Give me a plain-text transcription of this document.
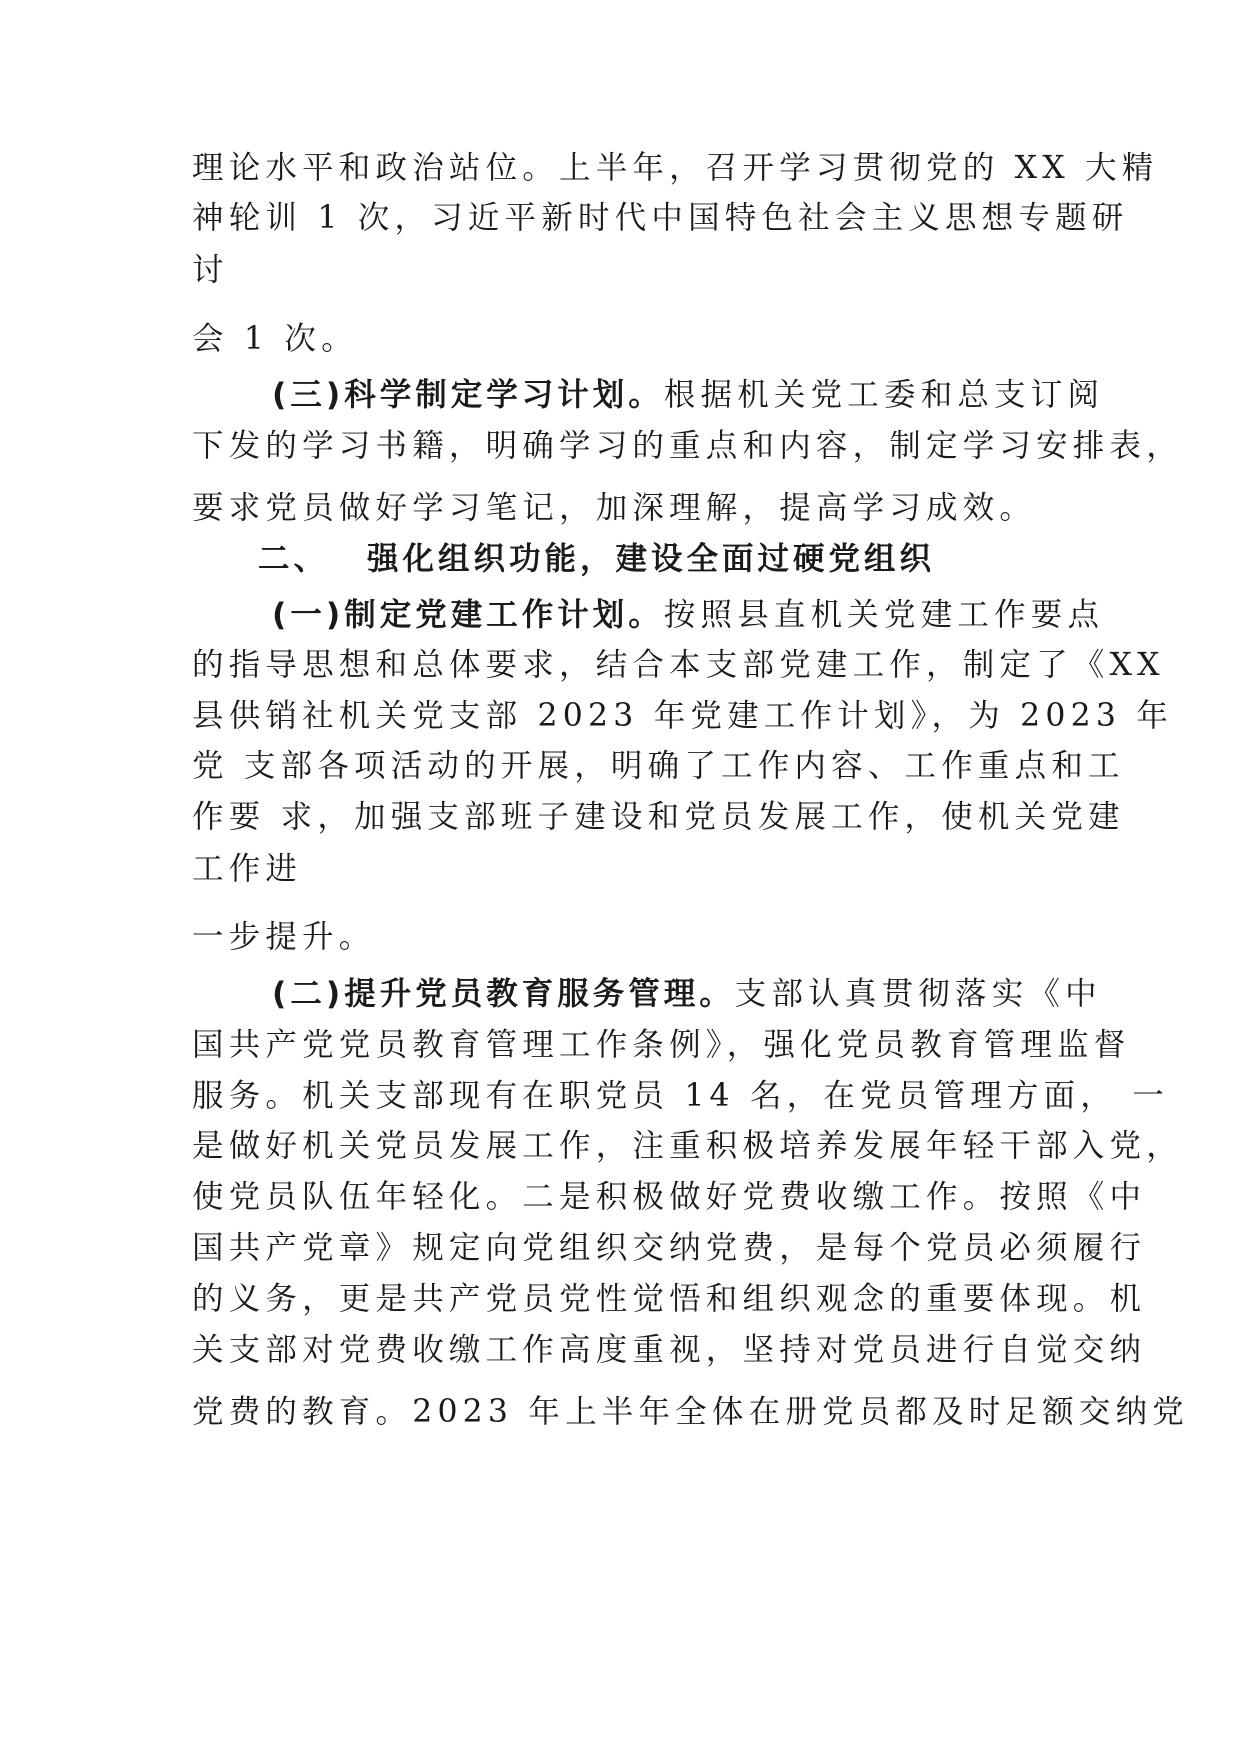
理论水平和政治站位。上半年，召开学习贯彻党的 XX 大精

神轮训 1 次，习近平新时代中国特色社会主义思想专题研

讨

会 1 次。

(三)科学制定学习计划。根据机关党工委和总支订阅

下发的学习书籍，明确学习的重点和内容，制定学习安排表，

要求党员做好学习笔记，加深理解，提高学习成效。

二、 强化组织功能，建设全面过硬党组织

(一)制定党建工作计划。按照县直机关党建工作要点

的指导思想和总体要求，结合本支部党建工作，制定了《XX

县供销社机关党支部 2023 年党建工作计划》，为 2023 年

党 支部各项活动的开展，明确了工作内容、工作重点和工

作要 求，加强支部班子建设和党员发展工作，使机关党建

工作进

一步提升。

(二)提升党员教育服务管理。支部认真贯彻落实《中

国共产党党员教育管理工作条例》，强化党员教育管理监督

服务。机关支部现有在职党员 14 名，在党员管理方面， 一

是做好机关党员发展工作，注重积极培养发展年轻干部入党，

使党员队伍年轻化。二是积极做好党费收缴工作。按照《中

国共产党章》规定向党组织交纳党费，是每个党员必须履行

的义务，更是共产党员党性觉悟和组织观念的重要体现。机

关支部对党费收缴工作高度重视，坚持对党员进行自觉交纳

党费的教育。2023 年上半年全体在册党员都及时足额交纳党
